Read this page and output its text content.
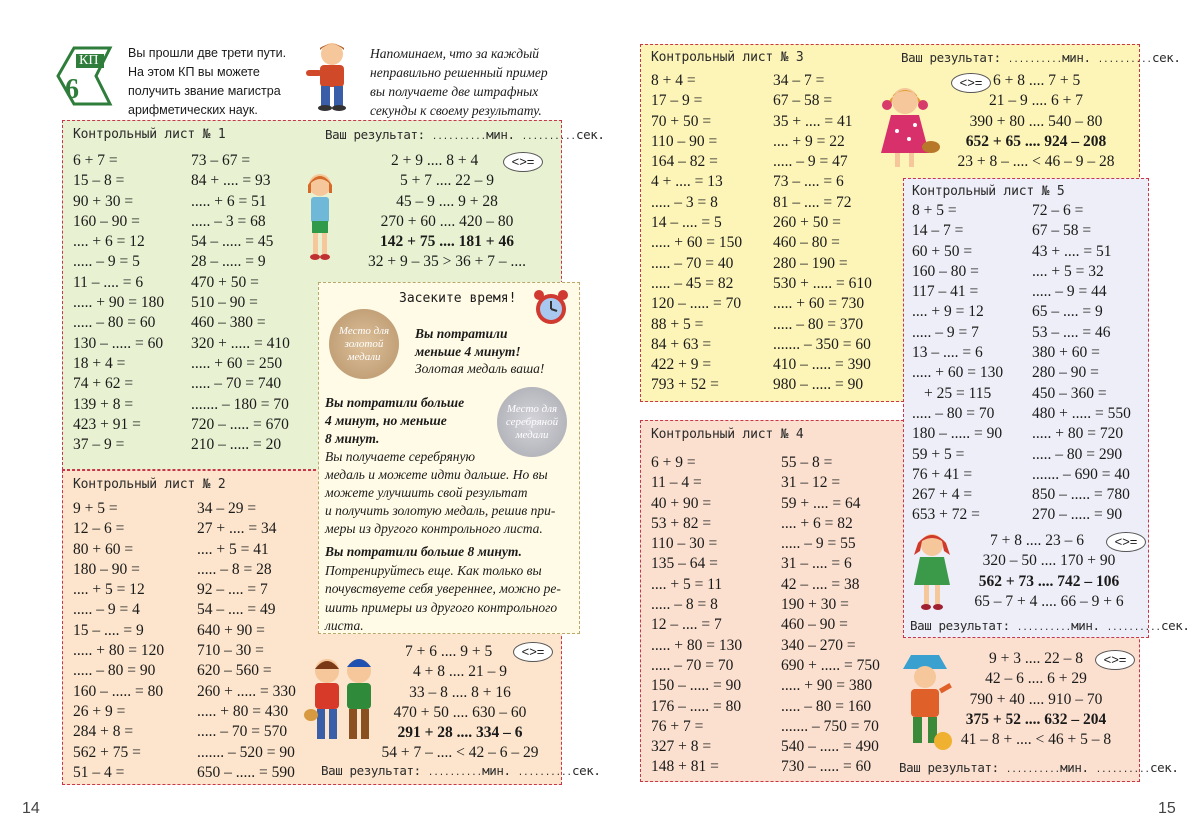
КП
6
Вы прошли две трети пути.
На этом КП вы можете
получить звание магистра
арифметических наук.
Напоминаем, что за каждый
неправильно решенный пример
вы получаете две штрафных
секунды к своему результату.
Контрольный лист № 1	Ваш результат: ..........мин. ..........сек.
6 + 7 =
15 – 8 =
90 + 30 =
160 – 90 =
.... + 6 = 12
..... – 9 = 5
11 – .... = 6
..... + 90 = 180
..... – 80 = 60
130 – ..... = 60
18 + 4 =
74 + 62 =
139 + 8 =
423 + 91 =
37 – 9 =
73 – 67 =
84 + .... = 93
..... + 6 = 51
..... – 3 = 68
54 – ..... = 45
28 – ..... = 9
470 + 50 =
510 – 90 =
460 – 380 =
320 + ..... = 410
..... + 60 = 250
..... – 70 = 740
....... – 180 = 70
720 – ..... = 670
210 – ..... = 20
2 + 9 .... 8 + 4
5 + 7 .... 22 – 9
45 – 9 .... 9 + 28
270 + 60 .... 420 – 80
142 + 75 .... 181 + 46
32 + 9 – 35 > 36 + 7 – ....
<>=
Контрольный лист № 2
9 + 5 =
12 – 6 =
80 + 60 =
180 – 90 =
.... + 5 = 12
..... – 9 = 4
15 – .... = 9
..... + 80 = 120
..... – 80 = 90
160 – ..... = 80
26 + 9 =
284 + 8 =
562 + 75 =
51 – 4 =
34 – 29 =
27 + .... = 34
.... + 5 = 41
..... – 8 = 28
92 – .... = 7
54 – .... = 49
640 + 90 =
710 – 30 =
620 – 560 =
260 + ..... = 330
..... + 80 = 430
..... – 70 = 570
....... – 520 = 90
650 – ..... = 590
7 + 6 .... 9 + 5
4 + 8 .... 21 – 9
33 – 8 .... 8 + 16
470 + 50 .... 630 – 60
291 + 28 .... 334 – 6
54 + 7 – .... < 42 – 6 – 29
<>=
Ваш результат: ..........мин. ..........сек.
Засеките время!
Место для золотой медали
Вы потратили
меньше 4 минут!
Золотая медаль ваша!
Место для серебряной медали
Вы потратили больше
4 минут, но меньше
8 минут.
Вы получаете серебряную
медаль и можете идти дальше. Но вы
можете улучшить свой результат
и получить золотую медаль, решив при-
меры из другого контрольного листа.
Вы потратили больше 8 минут.
Потренируйтесь еще. Как только вы
почувствуете себя увереннее, можно ре-
шить примеры из другого контрольного
листа.
14
Контрольный лист № 3	Ваш результат: ..........мин. ..........сек.
8 + 4 =
17 – 9 =
70 + 50 =
110 – 90 =
164 – 82 =
4 + .... = 13
..... – 3 = 8
14 – .... = 5
..... + 60 = 150
..... – 70 = 40
..... – 45 = 82
120 – ..... = 70
88 + 5 =
84 + 63 =
422 + 9 =
793 + 52 =
34 – 7 =
67 – 58 =
35 + .... = 41
.... + 9 = 22
..... – 9 = 47
73 – .... = 6
81 – .... = 72
260 + 50 =
460 – 80 =
280 – 190 =
530 + ..... = 610
..... + 60 = 730
..... – 80 = 370
....... – 350 = 60
410 – ..... = 390
980 – ..... = 90
<>= 6 + 8 .... 7 + 5
21 – 9 .... 6 + 7
390 + 80 .... 540 – 80
652 + 65 .... 924 – 208
23 + 8 – .... < 46 – 9 – 28
Контрольный лист № 4
6 + 9 =
11 – 4 =
40 + 90 =
53 + 82 =
110 – 30 =
135 – 64 =
.... + 5 = 11
..... – 8 = 8
12 – .... = 7
..... + 80 = 130
..... – 70 = 70
150 – ..... = 90
176 – ..... = 80
76 + 7 =
327 + 8 =
148 + 81 =
55 – 8 =
31 – 12 =
59 + .... = 64
.... + 6 = 82
..... – 9 = 55
31 – .... = 6
42 – .... = 38
190 + 30 =
460 – 90 =
340 – 270 =
690 + ..... = 750
..... + 90 = 380
..... – 80 = 160
....... – 750 = 70
540 – ..... = 490
730 – ..... = 60
9 + 3 .... 22 – 8
42 – 6 .... 6 + 29
790 + 40 .... 910 – 70
375 + 52 .... 632 – 204
41 – 8 + .... < 46 + 5 – 8
<>=
Ваш результат: ..........мин. ..........сек.
Контрольный лист № 5
8 + 5 =
14 – 7 =
60 + 50 =
160 – 80 =
117 – 41 =
.... + 9 = 12
..... – 9 = 7
13 – .... = 6
..... + 60 = 130
+ 25 = 115
..... – 80 = 70
180 – ..... = 90
59 + 5 =
76 + 41 =
267 + 4 =
653 + 72 =
72 – 6 =
67 – 58 =
43 + .... = 51
.... + 5 = 32
..... – 9 = 44
65 – .... = 9
53 – .... = 46
380 + 60 =
280 – 90 =
450 – 360 =
480 + ..... = 550
..... + 80 = 720
..... – 80 = 290
....... – 690 = 40
850 – ..... = 780
270 – ..... = 90
7 + 8 .... 23 – 6
320 – 50 .... 170 + 90
562 + 73 .... 742 – 106
65 – 7 + 4 .... 66 – 9 + 6
<>=
Ваш результат: ..........мин. ..........сек.
15
